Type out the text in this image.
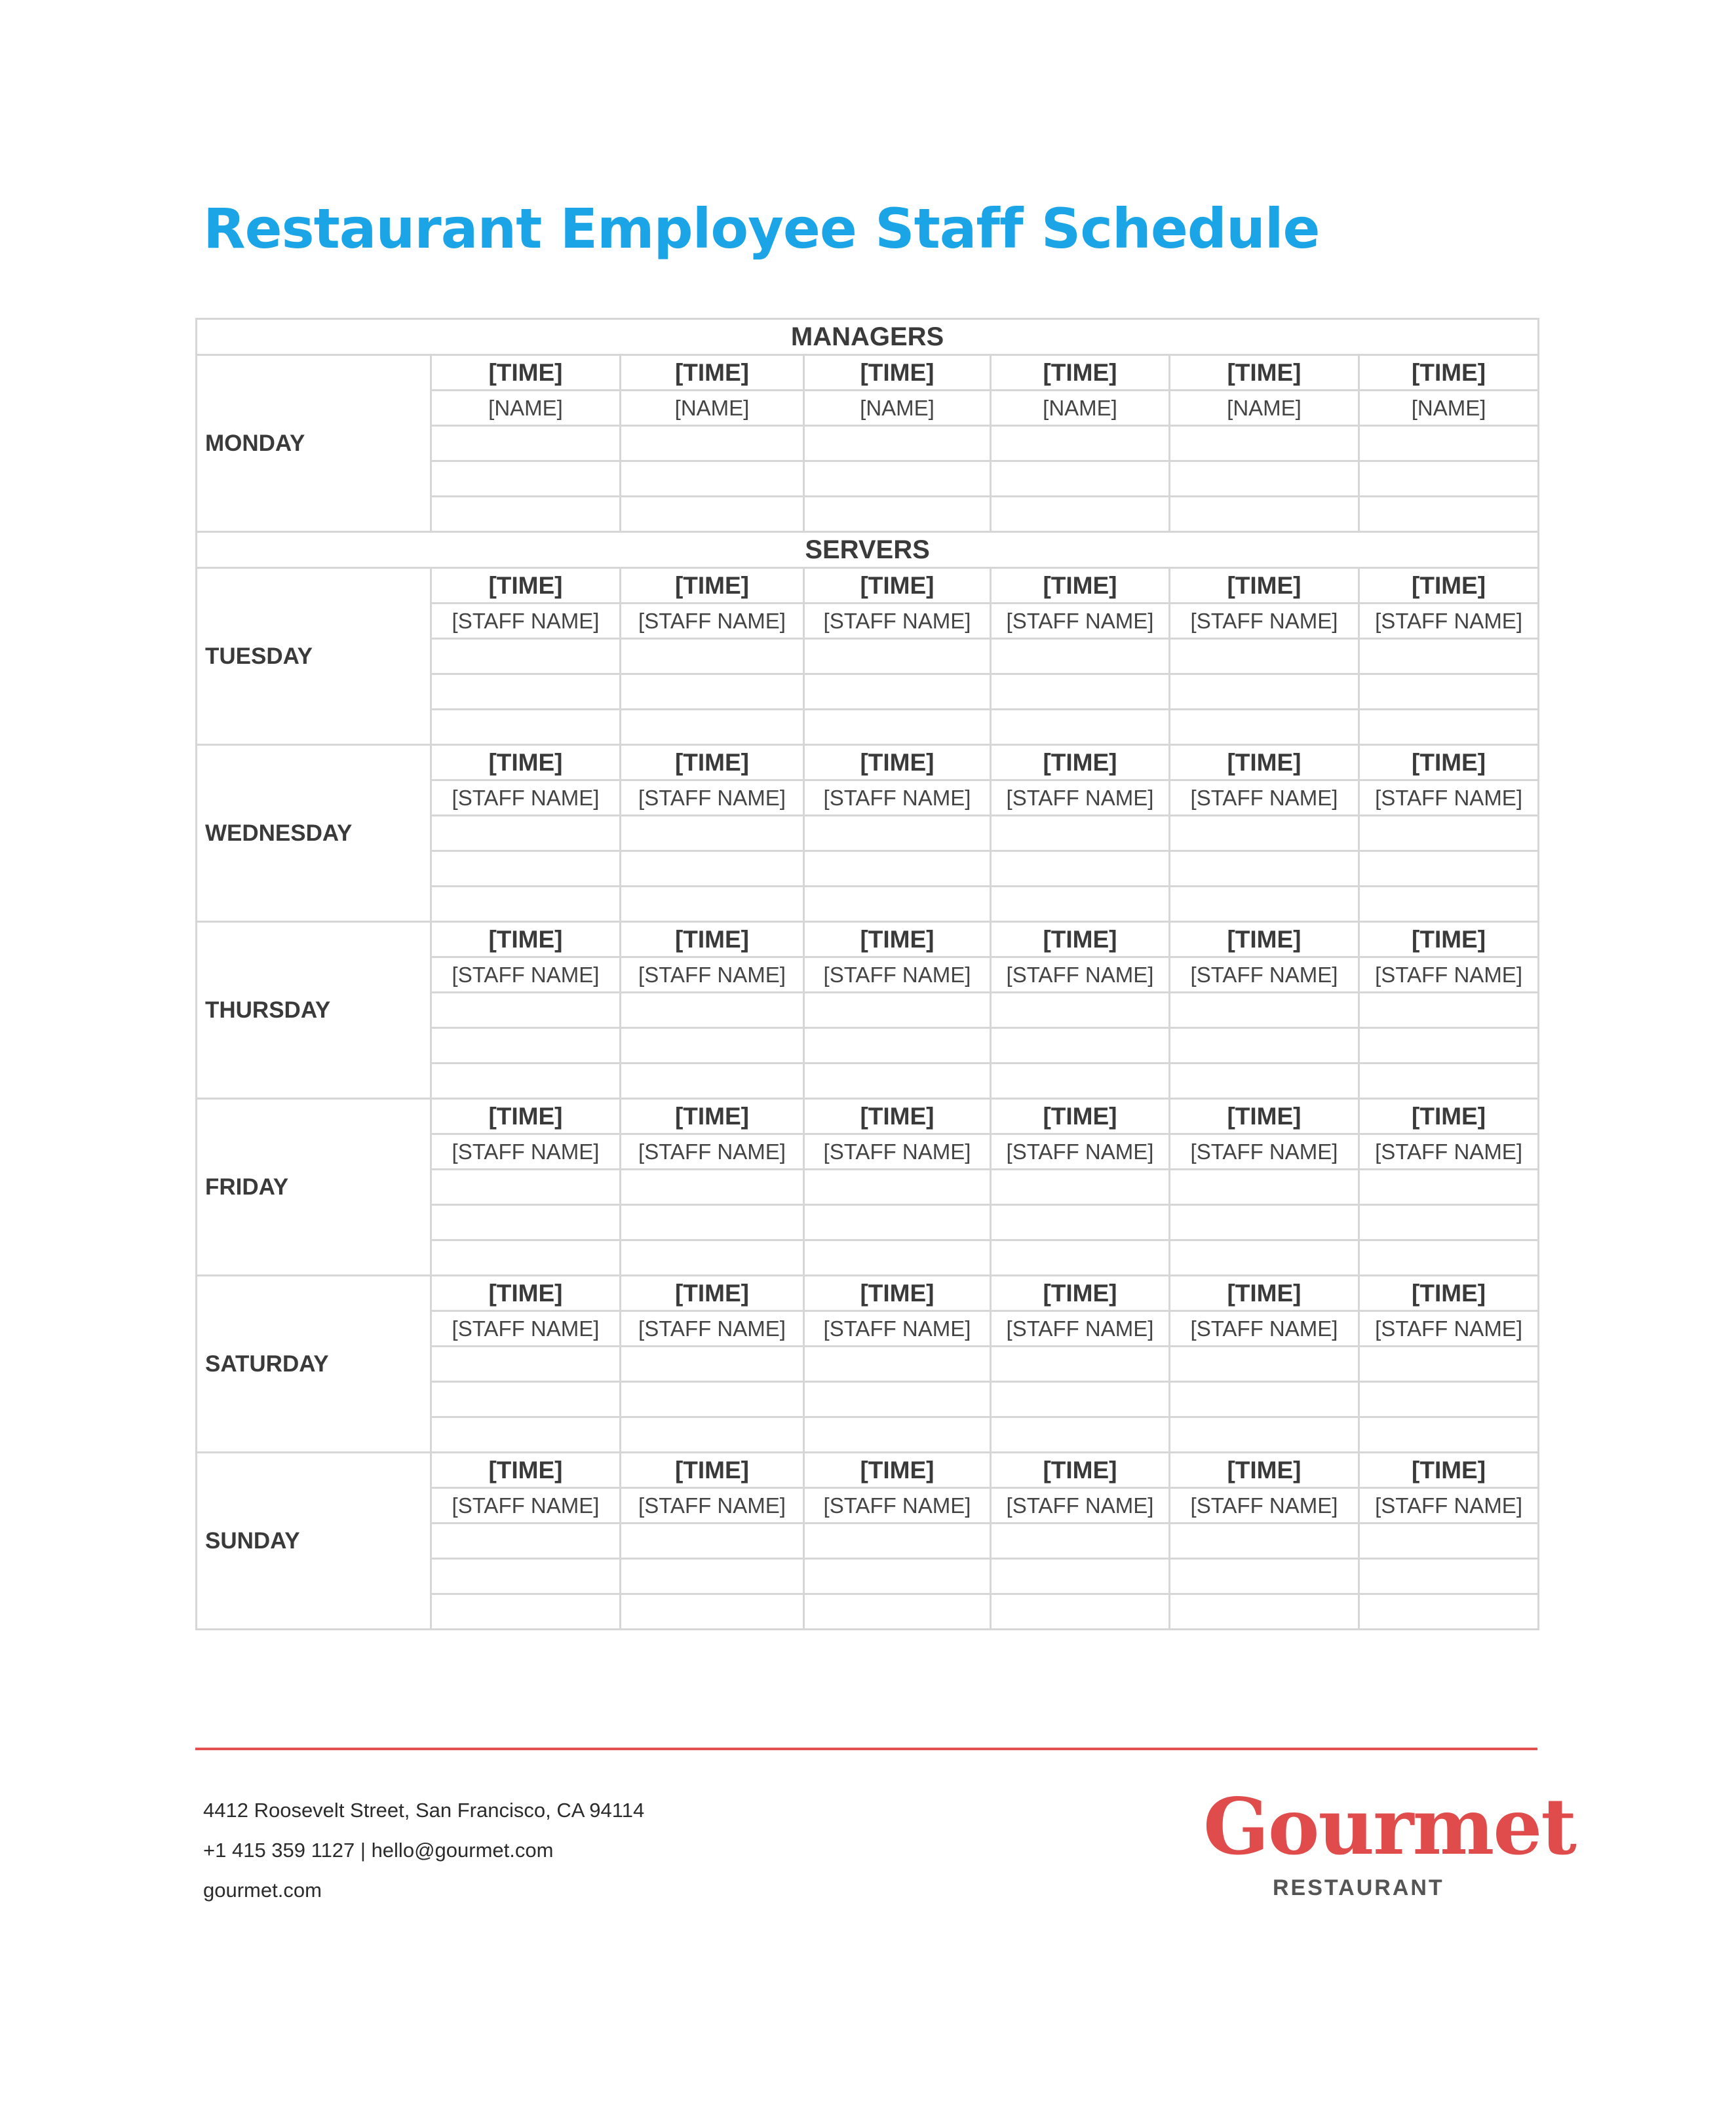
Restaurant Employee Staff Schedule
MANAGERS						
MONDAY	[TIME]	[TIME]	[TIME]	[TIME]	[TIME]	[TIME]
	[NAME]	[NAME]	[NAME]	[NAME]	[NAME]	[NAME]

SERVERS						
TUESDAY	[TIME]	[TIME]	[TIME]	[TIME]	[TIME]	[TIME]
	[STAFF NAME]	[STAFF NAME]	[STAFF NAME]	[STAFF NAME]	[STAFF NAME]	[STAFF NAME]

WEDNESDAY	[TIME]	[TIME]	[TIME]	[TIME]	[TIME]	[TIME]
	[STAFF NAME]	[STAFF NAME]	[STAFF NAME]	[STAFF NAME]	[STAFF NAME]	[STAFF NAME]

THURSDAY	[TIME]	[TIME]	[TIME]	[TIME]	[TIME]	[TIME]
	[STAFF NAME]	[STAFF NAME]	[STAFF NAME]	[STAFF NAME]	[STAFF NAME]	[STAFF NAME]

FRIDAY	[TIME]	[TIME]	[TIME]	[TIME]	[TIME]	[TIME]
	[STAFF NAME]	[STAFF NAME]	[STAFF NAME]	[STAFF NAME]	[STAFF NAME]	[STAFF NAME]

SATURDAY	[TIME]	[TIME]	[TIME]	[TIME]	[TIME]	[TIME]
	[STAFF NAME]	[STAFF NAME]	[STAFF NAME]	[STAFF NAME]	[STAFF NAME]	[STAFF NAME]

SUNDAY	[TIME]	[TIME]	[TIME]	[TIME]	[TIME]	[TIME]
	[STAFF NAME]	[STAFF NAME]	[STAFF NAME]	[STAFF NAME]	[STAFF NAME]	[STAFF NAME]

4412 Roosevelt Street, San Francisco, CA 94114
+1 415 359 1127 | hello@gourmet.com
gourmet.com
Gourmet
RESTAURANT
